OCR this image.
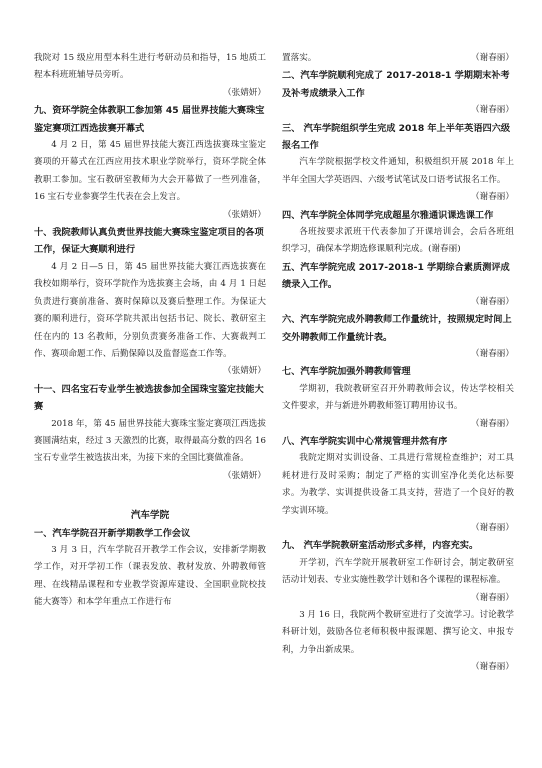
我院对 15 级应用型本科生进行考研动员和指导，15 地质工程本科班班辅导员旁听。

（张婧妍）

九、资环学院全体教职工参加第 45 届世界技能大赛珠宝鉴定赛项江西选拔赛开幕式

4 月 2 日，第 45 届世界技能大赛江西选拔赛珠宝鉴定赛项的开幕式在江西应用技术职业学院举行，资环学院全体教职工参加。宝石教研室教师为大会开幕做了一些列准备，16 宝石专业参赛学生代表在会上发言。

（张婧妍）

十、我院教师认真负责世界技能大赛珠宝鉴定项目的各项工作，保证大赛顺利进行

4 月 2 日—5 日，第 45 届世界技能大赛江西选拔赛在我校如期举行，资环学院作为选拔赛主会场，由 4 月 1 日起负责进行赛前准备、赛时保障以及赛后整理工作。为保证大赛的顺利进行，资环学院共派出包括书记、院长、教研室主任在内的 13 名教师，分别负责赛务准备工作、大赛裁判工作、赛项命题工作、后勤保障以及监督巡查工作等。

（张婧妍）

十一、四名宝石专业学生被选拔参加全国珠宝鉴定技能大赛

2018 年，第 45 届世界技能大赛珠宝鉴定赛项江西选拔赛圆满结束，经过 3 天激烈的比赛，取得最高分数的四名 16 宝石专业学生被选拔出来，为接下来的全国比赛做准备。

（张婧妍）

汽车学院

一、汽车学院召开新学期教学工作会议

3 月 3 日，汽车学院召开教学工作会议，安排新学期教学工作，对开学初工作（课表发放、教材发放、外聘教师管理、在线精品课程和专业教学资源库建设、全国职业院校技能大赛等）和本学年重点工作进行布

置落实。	（谢春丽）

二、汽车学院顺利完成了 2017-2018-1 学期期末补考及补考成绩录入工作

（谢春丽）

三、 汽车学院组织学生完成 2018 年上半年英语四六级报名工作

汽车学院根据学校文件通知，积极组织开展 2018 年上半年全国大学英语四、六级考试笔试及口语考试报名工作。

（谢春丽）

四、汽车学院全体同学完成超星尔雅通识课选课工作

各班按要求派班干代表参加了开课培训会，会后各班组织学习，确保本学期选修课顺利完成。(谢春丽)

五、汽车学院完成 2017-2018-1 学期综合素质测评成绩录入工作。

（谢春丽）

六、汽车学院完成外聘教师工作量统计，按照规定时间上交外聘教师工作量统计表。

（谢春丽）

七、汽车学院加强外聘教师管理

学期初，我院教研室召开外聘教师会议，传达学校相关文件要求，并与新进外聘教师签订聘用协议书。

（谢春丽）

八、汽车学院实训中心常规管理井然有序

我院定期对实训设备、工具进行常规检查维护；对工具耗材进行及时采购；制定了严格的实训室净化美化达标要求。为教学、实训提供设备工具支持，营造了一个良好的教学实训环境。

（谢春丽）

九、 汽车学院教研室活动形式多样，内容充实。

开学初，汽车学院开展教研室工作研讨会，制定教研室活动计划表、专业实施性教学计划和各个课程的课程标准。

（谢春丽）

3 月 16 日，我院两个教研室进行了交流学习。讨论教学科研计划，鼓励各位老师积极申报课题、撰写论文、申报专利，力争出新成果。

（谢春丽）
